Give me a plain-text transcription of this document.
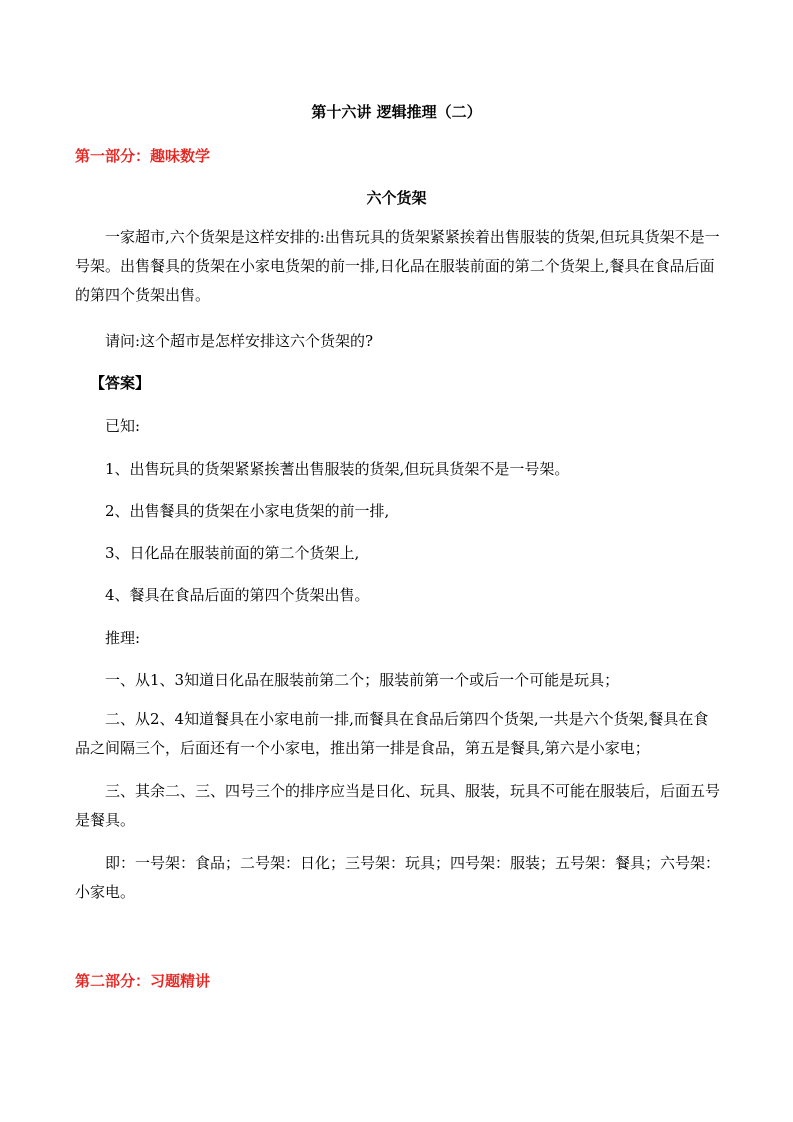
第十六讲 逻辑推理（二）
第一部分：趣味数学
六个货架
一家超市,六个货架是这样安排的:出售玩具的货架紧紧挨着出售服装的货架,但玩具货架不是一号架。出售餐具的货架在小家电货架的前一排,日化品在服装前面的第二个货架上,餐具在食品后面的第四个货架出售。
请问:这个超市是怎样安排这六个货架的?
【答案】
已知:
1、出售玩具的货架紧紧挨蓍出售服装的货架,但玩具货架不是一号架。
2、出售餐具的货架在小家电货架的前一排,
3、日化品在服装前面的第二个货架上,
4、餐具在食品后面的第四个货架出售。
推理:
一、从1、3知道日化品在服装前第二个；服装前第一个或后一个可能是玩具；
二、从2、4知道餐具在小家电前一排,而餐具在食品后第四个货架,一共是六个货架,餐具在食品之间隔三个，后面还有一个小家电，推出第一排是食品，第五是餐具,第六是小家电；
三、其余二、三、四号三个的排序应当是日化、玩具、服装，玩具不可能在服装后，后面五号是餐具。
即：一号架：食品；二号架：日化；三号架：玩具；四号架：服装；五号架：餐具；六号架：小家电。
第二部分：习题精讲
